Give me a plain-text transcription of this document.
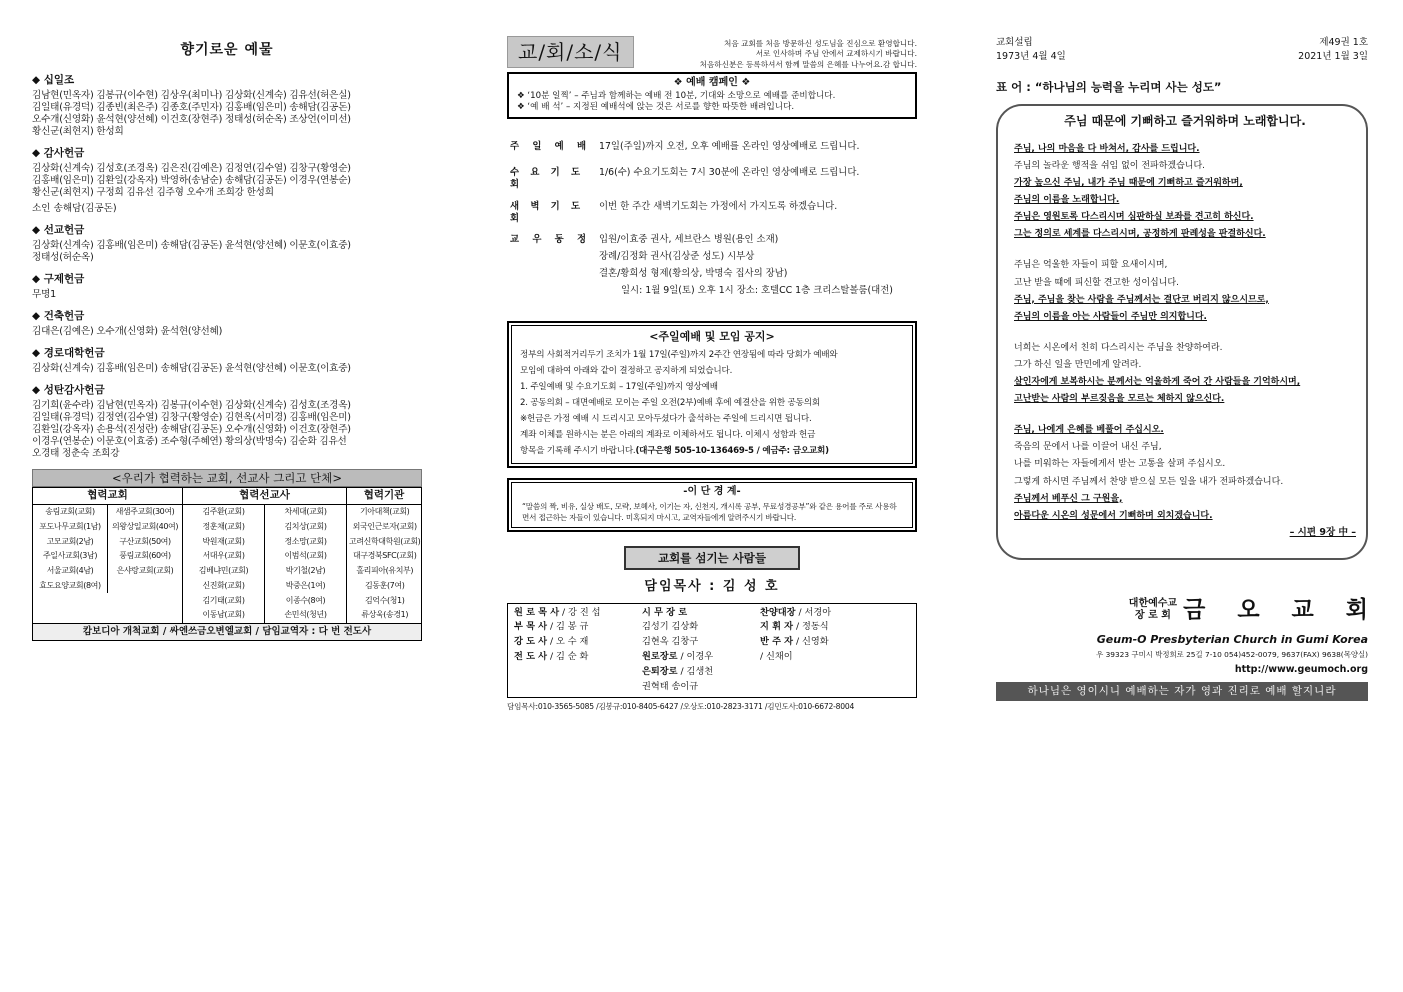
향기로운 예물
◆ 십일조
김남현(민옥자) 김봉규(이수현) 김상우(최미나) 김상화(신계숙) 김유선(허은실)
김일태(유경덕) 김종빈(최은주) 김종호(주민자) 김홍배(임은미) 송해담(김공돈)
오수개(신영화) 윤석현(양선혜) 이건호(장현주) 정태성(허순옥) 조상언(이미선)
황신군(최현지) 한성희
◆ 감사헌금
김상화(신계숙) 김성호(조경옥) 김은진(김예은) 김정연(김수열) 김창구(황영순)
김홍배(임은미) 김환일(강옥자) 박영하(송남순) 송해담(김공돈) 이경우(연봉순)
황신군(최현지) 구정희 김유선 김주형 오수개 조희강 한성희
소인 송해담(김공돈)
◆ 선교헌금
김상화(신계숙) 김홍배(임은미) 송해담(김공돈) 윤석현(양선혜) 이문호(이효중)
정태성(허순옥)
◆ 구제헌금
무명1
◆ 건축헌금
김대은(김예은) 오수개(신영화) 윤석현(양선혜)
◆ 경로대학헌금
김상화(신계숙) 김홍배(임은미) 송해담(김공돈) 윤석현(양선혜) 이문호(이효중)
◆ 성탄감사헌금
김기희(윤수라) 김남현(민옥자) 김봉규(이수현) 김상화(신계숙) 김성호(조경옥)
김일태(유경덕) 김정연(김수열) 김창구(황영순) 김현옥(서미경) 김홍배(임은미)
김환일(강옥자) 손용석(진성란) 송해담(김공돈) 오수개(신영화) 이건호(장현주)
이경우(연봉순) 이문호(이효중) 조수형(주혜연) 황의상(박명숙) 김순화 김유선
오경태 정춘숙 조희강
<우리가 협력하는 교회, 선교사 그리고 단체>
협력교회
송림교회(교회)
포도나무교회(1남)
고모교회(2남)
주일사교회(3남)
서울교회(4남)
효도요양교회(8여)
새샘주교회(30여)
의왕상일교회(40여)
구산교회(50여)
풍림교회(60여)
은샤랑교회(교회)
협력선교사
김주환(교회)
정훈채(교회)
박원재(교회)
서대우(교회)
김베냐민(교회)
신진화(교회)
김기태(교회)
이동남(교회)
차세대(교회)
김치상(교회)
정소망(교회)
이범석(교회)
박기철(2남)
박중은(1여)
이종수(8여)
손민석(청년)
협력기관
기아대책(교회)
외국인근로자(교회)
고려신학대학원(교회)
대구경북SFC(교회)
홀리피아(유치부)
김동훈(7여)
김억수(청1)
류상욱(송경1)
캄보디아 개척교회 / 싸엔쓰금오변엘교회 / 담임교역자 : 다 번 전도사
교/회/소/식	처음 교회를 처음 방문하신 성도님을 진심으로 환영합니다.
서로 인사하며 주님 안에서 교제하시기 바랍니다.
처음하신분은 등록하셔서 함께 말씀의 은혜를 나누어요.감 합니다.
❖ 예배 캠페인 ❖
❖ ‘10분 일찍’ – 주님과 함께하는 예배 전 10분, 기대와 소망으로 예배를 준비합니다.
❖ ‘예 배 석’ – 지정된 예배석에 앉는 것은 서로를 향한 따뜻한 배려입니다.
주 일 예 배 17일(주일)까지 오전, 오후 예배를 온라인 영상예배로 드립니다.
수 요 기 도 회
1/6(수) 수요기도회는 7시 30분에 온라인 영상예배로 드립니다.
새 벽 기 도 회
이번 한 주간 새벽기도회는 가정에서 가지도록 하겠습니다.
교 우 동 정 입원/이효중 권사, 세브란스 병원(용인 소재)
장례/김정화 권사(김상준 성도) 시부상
결혼/황희성 형제(황의상, 박명숙 집사의 장남)
일시: 1월 9일(토) 오후 1시 장소: 호텔CC 1층 크리스탈볼룸(대전)
<주일예배 및 모임 공지>
정부의 사회적거리두기 조치가 1월 17일(주일)까지 2주간 연장됨에 따라 당회가 예배와
모임에 대하여 아래와 같이 결정하고 공지하게 되었습니다.
1. 주일예배 및 수요기도회 – 17일(주일)까지 영상예배
2. 공동의회 – 대면예배로 모이는 주일 오전(2부)예배 후에 예결산을 위한 공동의회
※헌금은 가정 예배 시 드리시고 모아두셨다가 출석하는 주일에 드리시면 됩니다.
계좌 이체를 원하시는 분은 아래의 계좌로 이체하셔도 됩니다. 이체시 성함과 헌금
항목을 기록해 주시기 바랍니다.(대구은행 505-10-136469-5 / 예금주: 금오교회)
-이 단 경 계-
“말씀의 짝, 비유, 실상 배도, 모략, 보혜사, 이기는 자, 신천지, 개시록 공부, 무료성경공부”와 같은 용어를 주로 사용하면서 접근하는 자들이 있습니다. 미혹되지 마시고, 교역자들에게 알려주시기 바랍니다.
교회를 섬기는 사람들
담임목사 : 김 성 호
원 로 목 사 / 강 진 섭
부 목 사 / 김 봉 규
강 도 사 / 오 수 재
전 도 사 / 김 순 화
시 무 장 로
김성기 김상화
김현옥 김창구
원로장로 / 이경우
은퇴장로 / 김생천
권혁태 송이규
찬양대장 / 서경아
지 휘 자 / 정동식
반 주 자 / 신영화
/ 신채이
담임목사:010-3565-5085 /김봉규:010-8405-6427 /오상도:010-2823-3171 /김민도사:010-6672-8004
교회설립
1973년 4월 4일
제49권 1호
2021년 1월 3일
표 어 : “하나님의 능력을 누리며 사는 성도”
주님 때문에 기뻐하고 즐거워하며 노래합니다.
주님, 나의 마음을 다 바쳐서, 감사를 드립니다.
주님의 놀라운 행적을 쉬임 없이 전파하겠습니다.
가장 높으신 주님, 내가 주님 때문에 기뻐하고 즐거워하며,
주님의 이름을 노래합니다.
주님은 영원토록 다스리시며 심판하실 보좌를 견고히 하신다.
그는 정의로 세계를 다스리시며, 공정하게 판례성을 판결하신다.
주님은 억울한 자들이 피할 요새이시며,
고난 받을 때에 피신할 견고한 성이십니다.
주님, 주님을 찾는 사람을 주님께서는 결단코 버리지 않으시므로,
주님의 이름을 아는 사람들이 주님만 의지합니다.
너희는 시온에서 친히 다스리시는 주님을 찬양하여라.
그가 하신 일을 만민에게 알려라.
살인자에게 보복하시는 분께서는 억울하게 죽어 간 사람들을 기억하시며,
고난받는 사람의 부르짖음을 모르는 체하지 않으신다.
주님, 나에게 은혜를 베풀어 주십시오.
죽음의 문에서 나를 이끌어 내신 주님,
나를 미워하는 자들에게서 받는 고통을 살펴 주십시오.
그렇게 하시면 주님께서 찬양 받으실 모든 일을 내가 전파하겠습니다.
주님께서 베푸신 그 구원을,
아름다운 시온의 성문에서 기뻐하며 외치겠습니다.
– 시편 9장 中 –
대한예수교
장 로 회 금 오 교 회
Geum-O Presbyterian Church in Gumi Korea
우 39323 구미시 박정희로 25길 7-10 054)452-0079, 9637(FAX) 9638(목양실)
http://www.geumoch.org
하나님은 영이시니 예배하는 자가 영과 진리로 예배 할지니라
